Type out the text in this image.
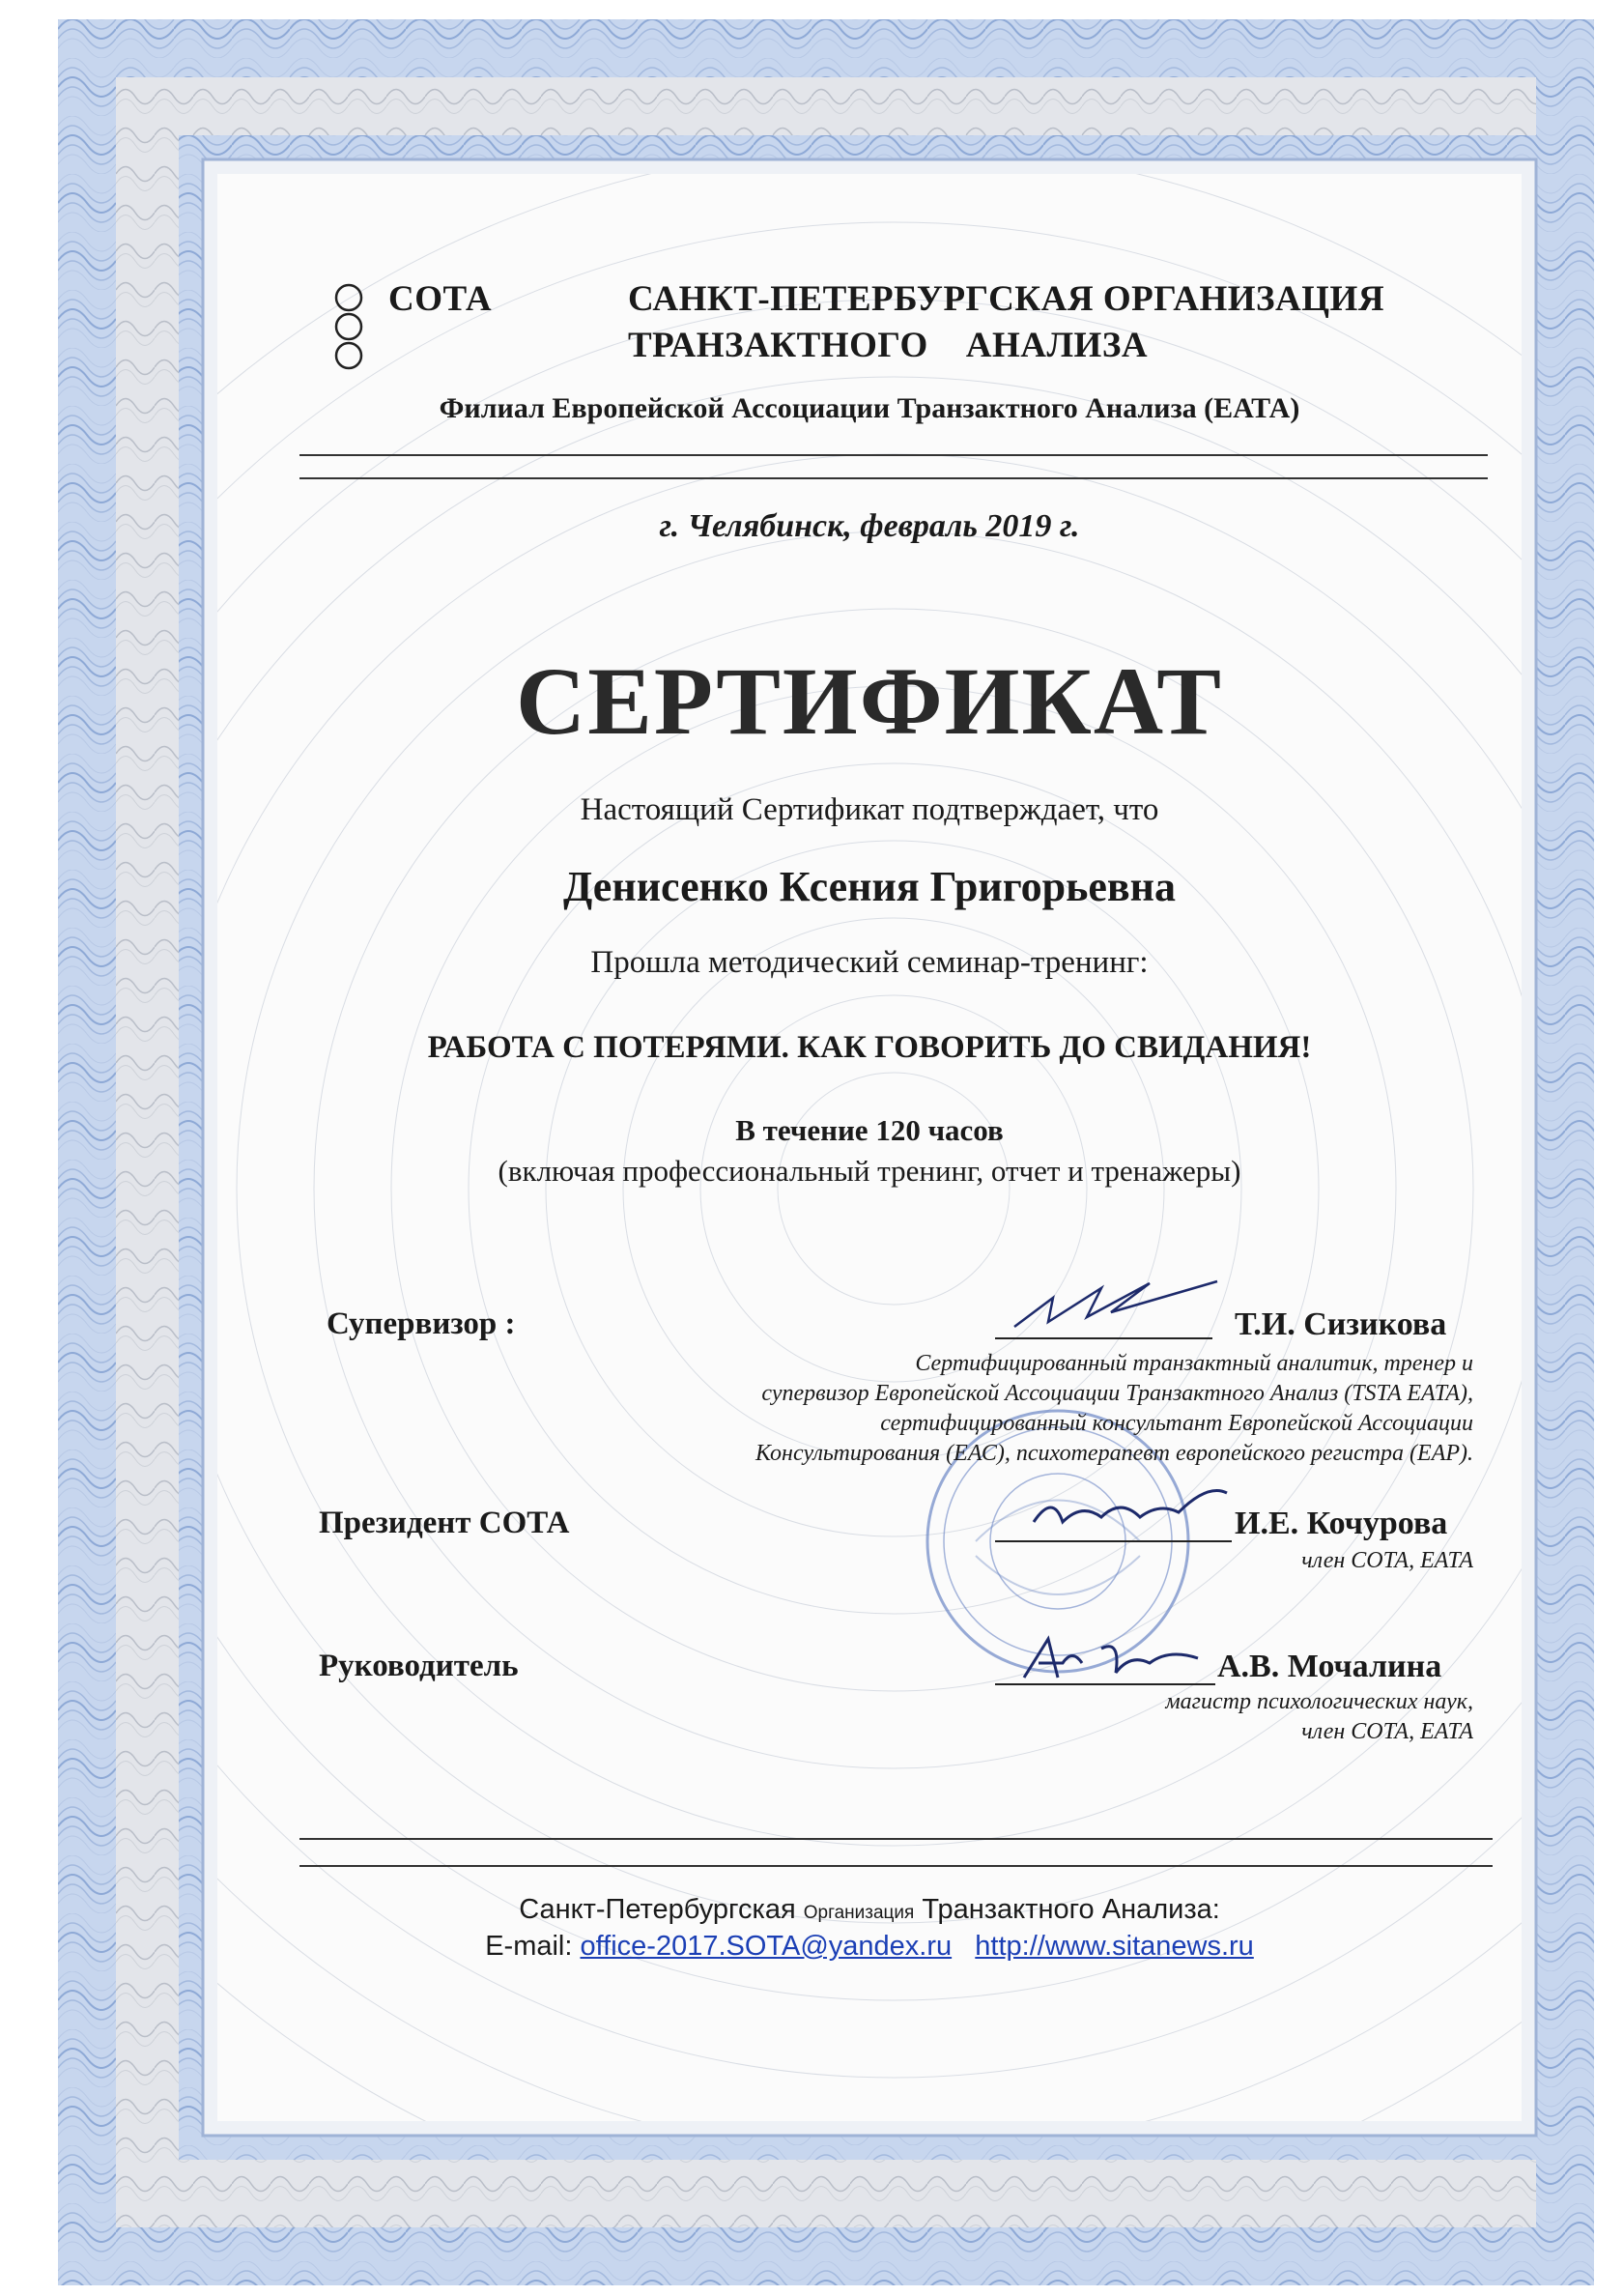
СОТА	САНКТ-ПЕТЕРБУРГСКАЯ ОРГАНИЗАЦИЯ
ТРАНЗАКТНОГО    АНАЛИЗА
Филиал Европейской Ассоциации Транзактного Анализа (ЕАТА)
г. Челябинск, февраль 2019 г.
СЕРТИФИКАТ
Настоящий Сертификат подтверждает, что
Денисенко Ксения Григорьевна
Прошла методический семинар-тренинг:
РАБОТА С ПОТЕРЯМИ. КАК ГОВОРИТЬ ДО СВИДАНИЯ!
В течение 120 часов
(включая профессиональный тренинг, отчет и тренажеры)
Супервизор :	Т.И. Сизикова
Сертифицированный транзактный аналитик, тренер и
супервизор Европейской Ассоциации Транзактного Анализ (TSTA EATA),
сертифицированный консультант Европейской Ассоциации
Консультирования (ЕАС), психотерапевт европейского регистра (ЕАР).
Президент СОТА	И.Е. Кочурова
член СОТА, ЕАТА
Руководитель	А.В. Мочалина
магистр психологических наук,
член СОТА, ЕАТА
Санкт-Петербургская Организация Транзактного Анализа:
E-mail: office-2017.SOTA@yandex.ru http://www.sitanews.ru
